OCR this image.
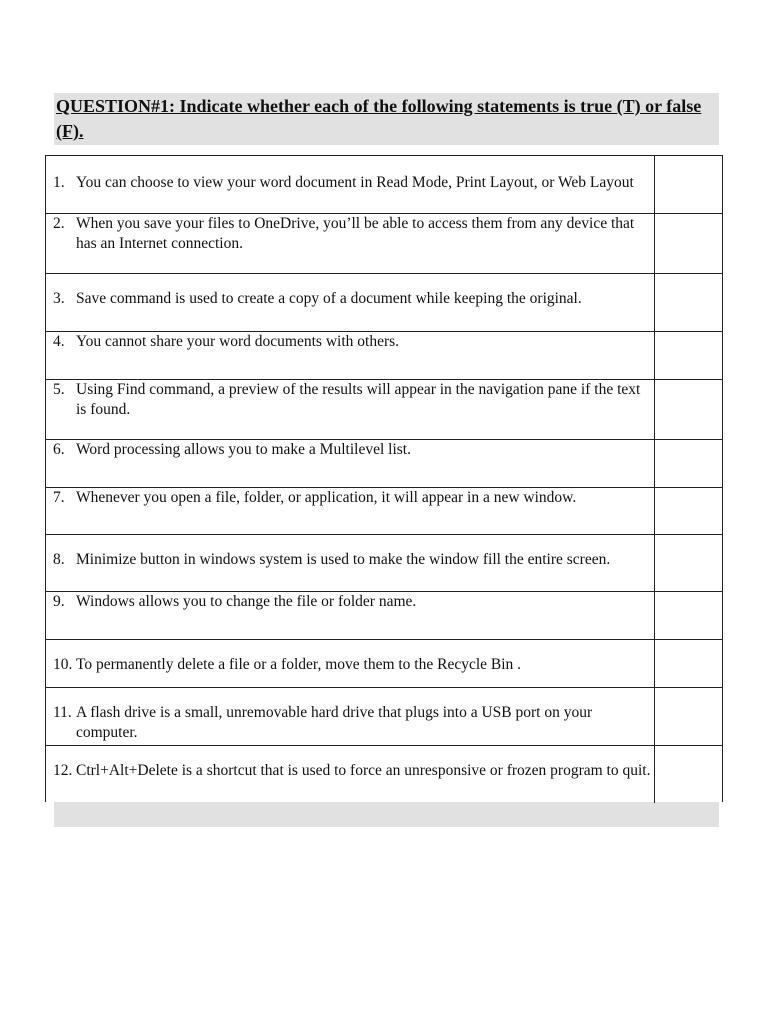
QUESTION#1: Indicate whether each of the following statements is true (T) or false (F).

1. You can choose to view your word document in Read Mode, Print Layout, or Web Layout
2. When you save your files to OneDrive, you’ll be able to access them from any device that has an Internet connection.
3. Save command is used to create a copy of a document while keeping the original.
4. You cannot share your word documents with others.
5. Using Find command, a preview of the results will appear in the navigation pane if the text is found.
6. Word processing allows you to make a Multilevel list.
7. Whenever you open a file, folder, or application, it will appear in a new window.
8. Minimize button in windows system is used to make the window fill the entire screen.
9. Windows allows you to change the file or folder name.
10. To permanently delete a file or a folder, move them to the Recycle Bin .
11. A flash drive is a small, unremovable hard drive that plugs into a USB port on your computer.
12. Ctrl+Alt+Delete is a shortcut that is used to force an unresponsive or frozen program to quit.
